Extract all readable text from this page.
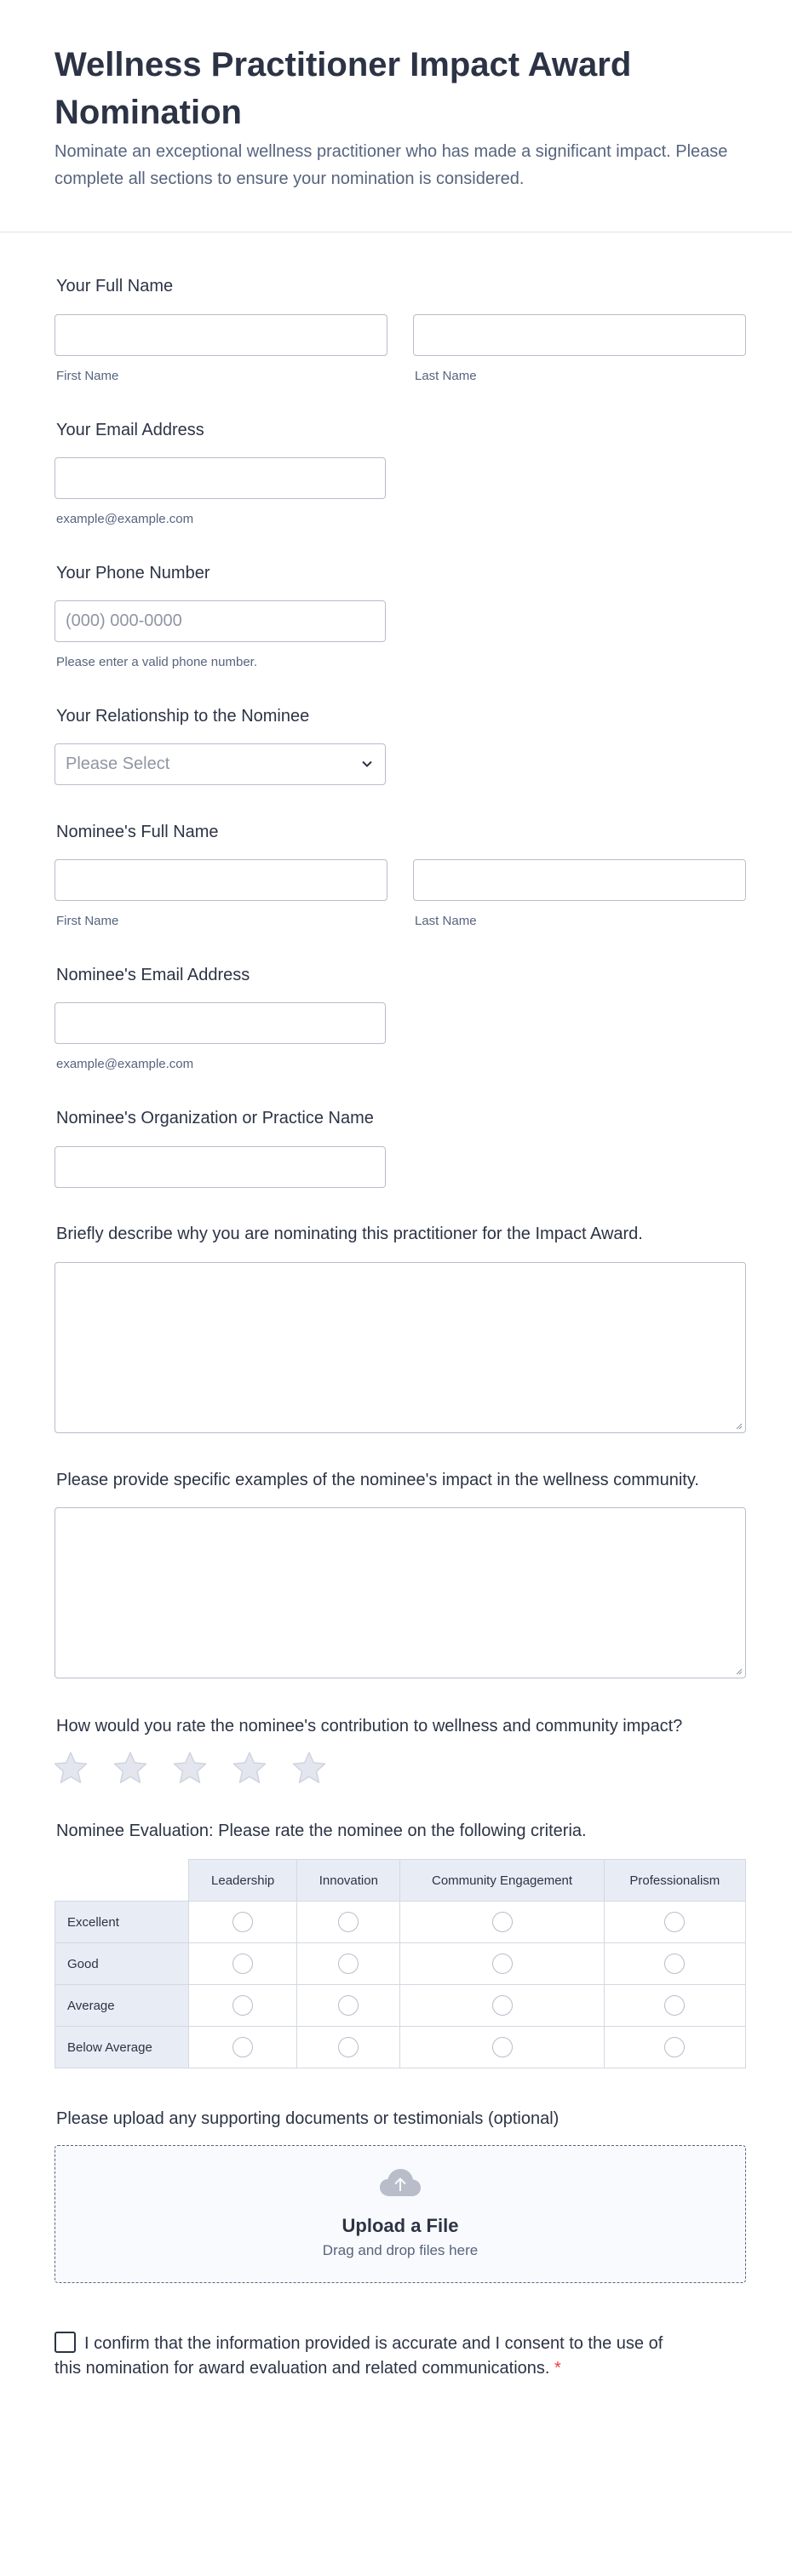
Wellness Practitioner Impact Award Nomination
Nominate an exceptional wellness practitioner who has made a significant impact. Please complete all sections to ensure your nomination is considered.
Your Full Name
First Name	Last Name
Your Email Address
example@example.com
Your Phone Number
(000) 000-0000
Please enter a valid phone number.
Your Relationship to the Nominee
Please Select
Nominee's Full Name
First Name	Last Name
Nominee's Email Address
example@example.com
Nominee's Organization or Practice Name
Briefly describe why you are nominating this practitioner for the Impact Award.
Please provide specific examples of the nominee's impact in the wellness community.
How would you rate the nominee's contribution to wellness and community impact?
Nominee Evaluation: Please rate the nominee on the following criteria.
	Leadership	Innovation	Community Engagement	Professionalism
Excellent				
Good				
Average				
Below Average				
Please upload any supporting documents or testimonials (optional)
Upload a File
Drag and drop files here
I confirm that the information provided is accurate and I consent to the use of this nomination for award evaluation and related communications. *
